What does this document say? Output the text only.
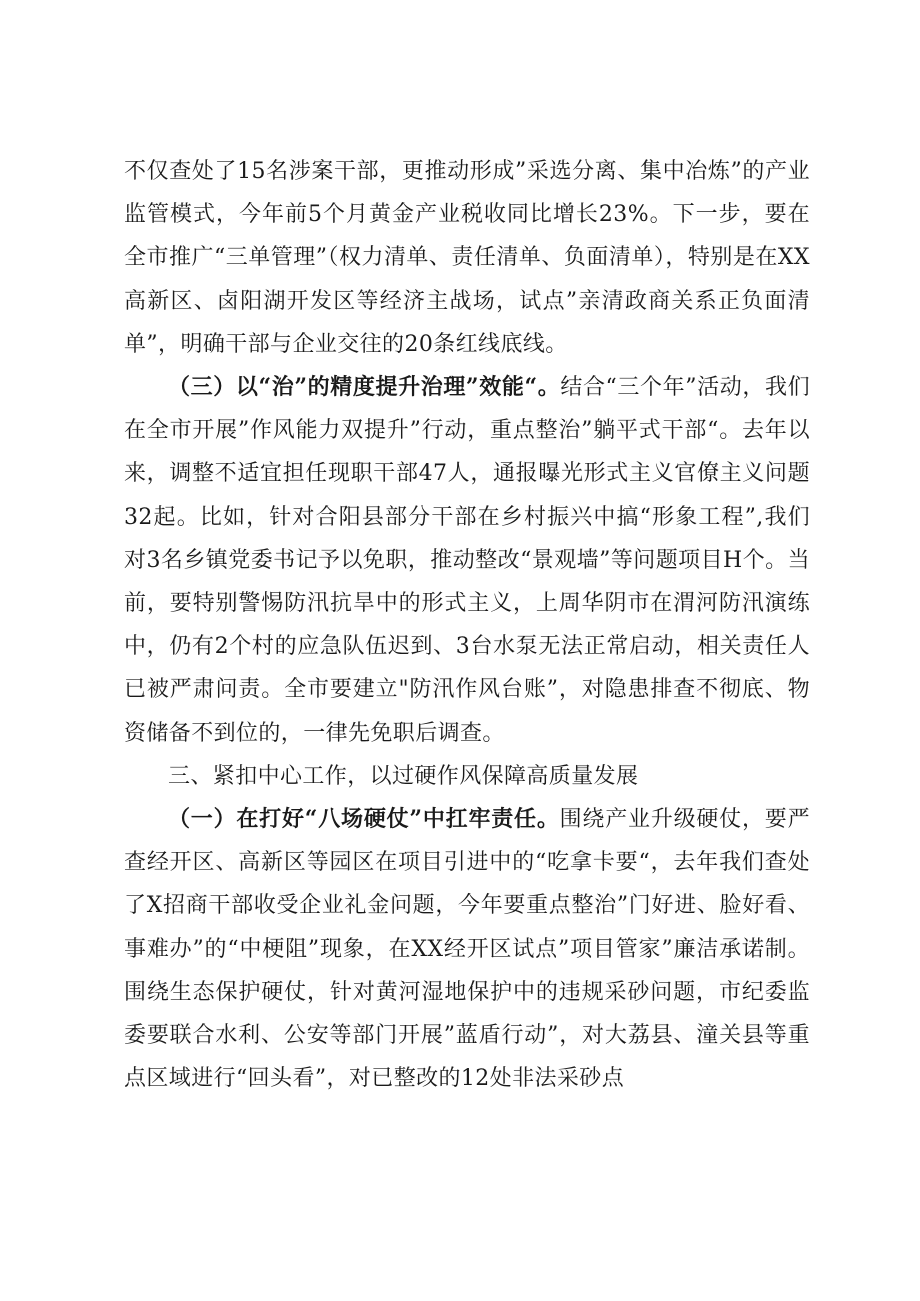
不仅查处了15名涉案干部，更推动形成”采选分离、集中冶炼”的产业监管模式，今年前5个月黄金产业税收同比增长23%。下一步，要在全市推广“三单管理”（权力清单、责任清单、负面清单），特别是在XX高新区、卤阳湖开发区等经济主战场，试点”亲清政商关系正负面清单”，明确干部与企业交往的20条红线底线。

（三）以“治”的精度提升治理”效能“。结合“三个年”活动，我们在全市开展”作风能力双提升”行动，重点整治”躺平式干部“。去年以来，调整不适宜担任现职干部47人，通报曝光形式主义官僚主义问题32起。比如，针对合阳县部分干部在乡村振兴中搞“形象工程”,我们对3名乡镇党委书记予以免职，推动整改“景观墙”等问题项目H个。当前，要特别警惕防汛抗旱中的形式主义，上周华阴市在渭河防汛演练中，仍有2个村的应急队伍迟到、3台水泵无法正常启动，相关责任人已被严肃问责。全市要建立"防汛作风台账”，对隐患排查不彻底、物资储备不到位的，一律先免职后调查。

三、紧扣中心工作，以过硬作风保障高质量发展

（一）在打好“八场硬仗”中扛牢责任。围绕产业升级硬仗，要严查经开区、高新区等园区在项目引进中的“吃拿卡要“，去年我们查处了X招商干部收受企业礼金问题，今年要重点整治”门好进、脸好看、事难办”的“中梗阻”现象，在XX经开区试点”项目管家”廉洁承诺制。围绕生态保护硬仗，针对黄河湿地保护中的违规采砂问题，市纪委监委要联合水利、公安等部门开展”蓝盾行动”，对大荔县、潼关县等重点区域进行“回头看”，对已整改的12处非法采砂点
